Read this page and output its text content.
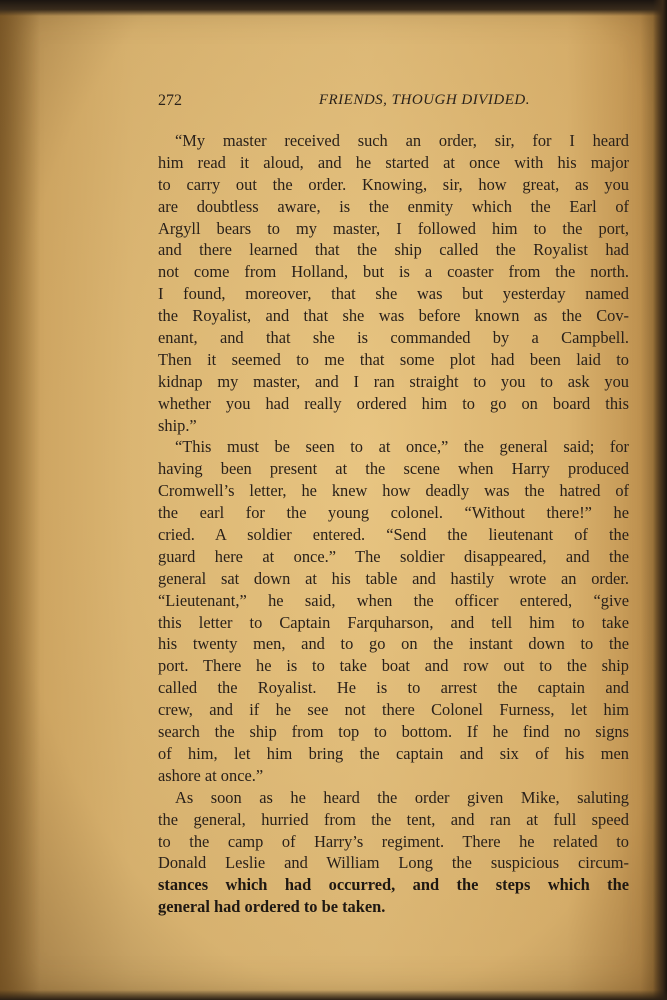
272	FRIENDS, THOUGH DIVIDED.
“My master received such an order, sir, for I heard
him read it aloud, and he started at once with his major
to carry out the order. Knowing, sir, how great, as you
are doubtless aware, is the enmity which the Earl of
Argyll bears to my master, I followed him to the port,
and there learned that the ship called the Royalist had
not come from Holland, but is a coaster from the north.
I found, moreover, that she was but yesterday named
the Royalist, and that she was before known as the Cov-
enant, and that she is commanded by a Campbell.
Then it seemed to me that some plot had been laid to
kidnap my master, and I ran straight to you to ask you
whether you had really ordered him to go on board this
ship.”
“This must be seen to at once,” the general said; for
having been present at the scene when Harry produced
Cromwell’s letter, he knew how deadly was the hatred of
the earl for the young colonel. “Without there!” he
cried. A soldier entered. “Send the lieutenant of the
guard here at once.” The soldier disappeared, and the
general sat down at his table and hastily wrote an order.
“Lieutenant,” he said, when the officer entered, “give
this letter to Captain Farquharson, and tell him to take
his twenty men, and to go on the instant down to the
port. There he is to take boat and row out to the ship
called the Royalist. He is to arrest the captain and
crew, and if he see not there Colonel Furness, let him
search the ship from top to bottom. If he find no signs
of him, let him bring the captain and six of his men
ashore at once.”
As soon as he heard the order given Mike, saluting
the general, hurried from the tent, and ran at full speed
to the camp of Harry’s regiment. There he related to
Donald Leslie and William Long the suspicious circum-
stances which had occurred, and the steps which the
general had ordered to be taken.
